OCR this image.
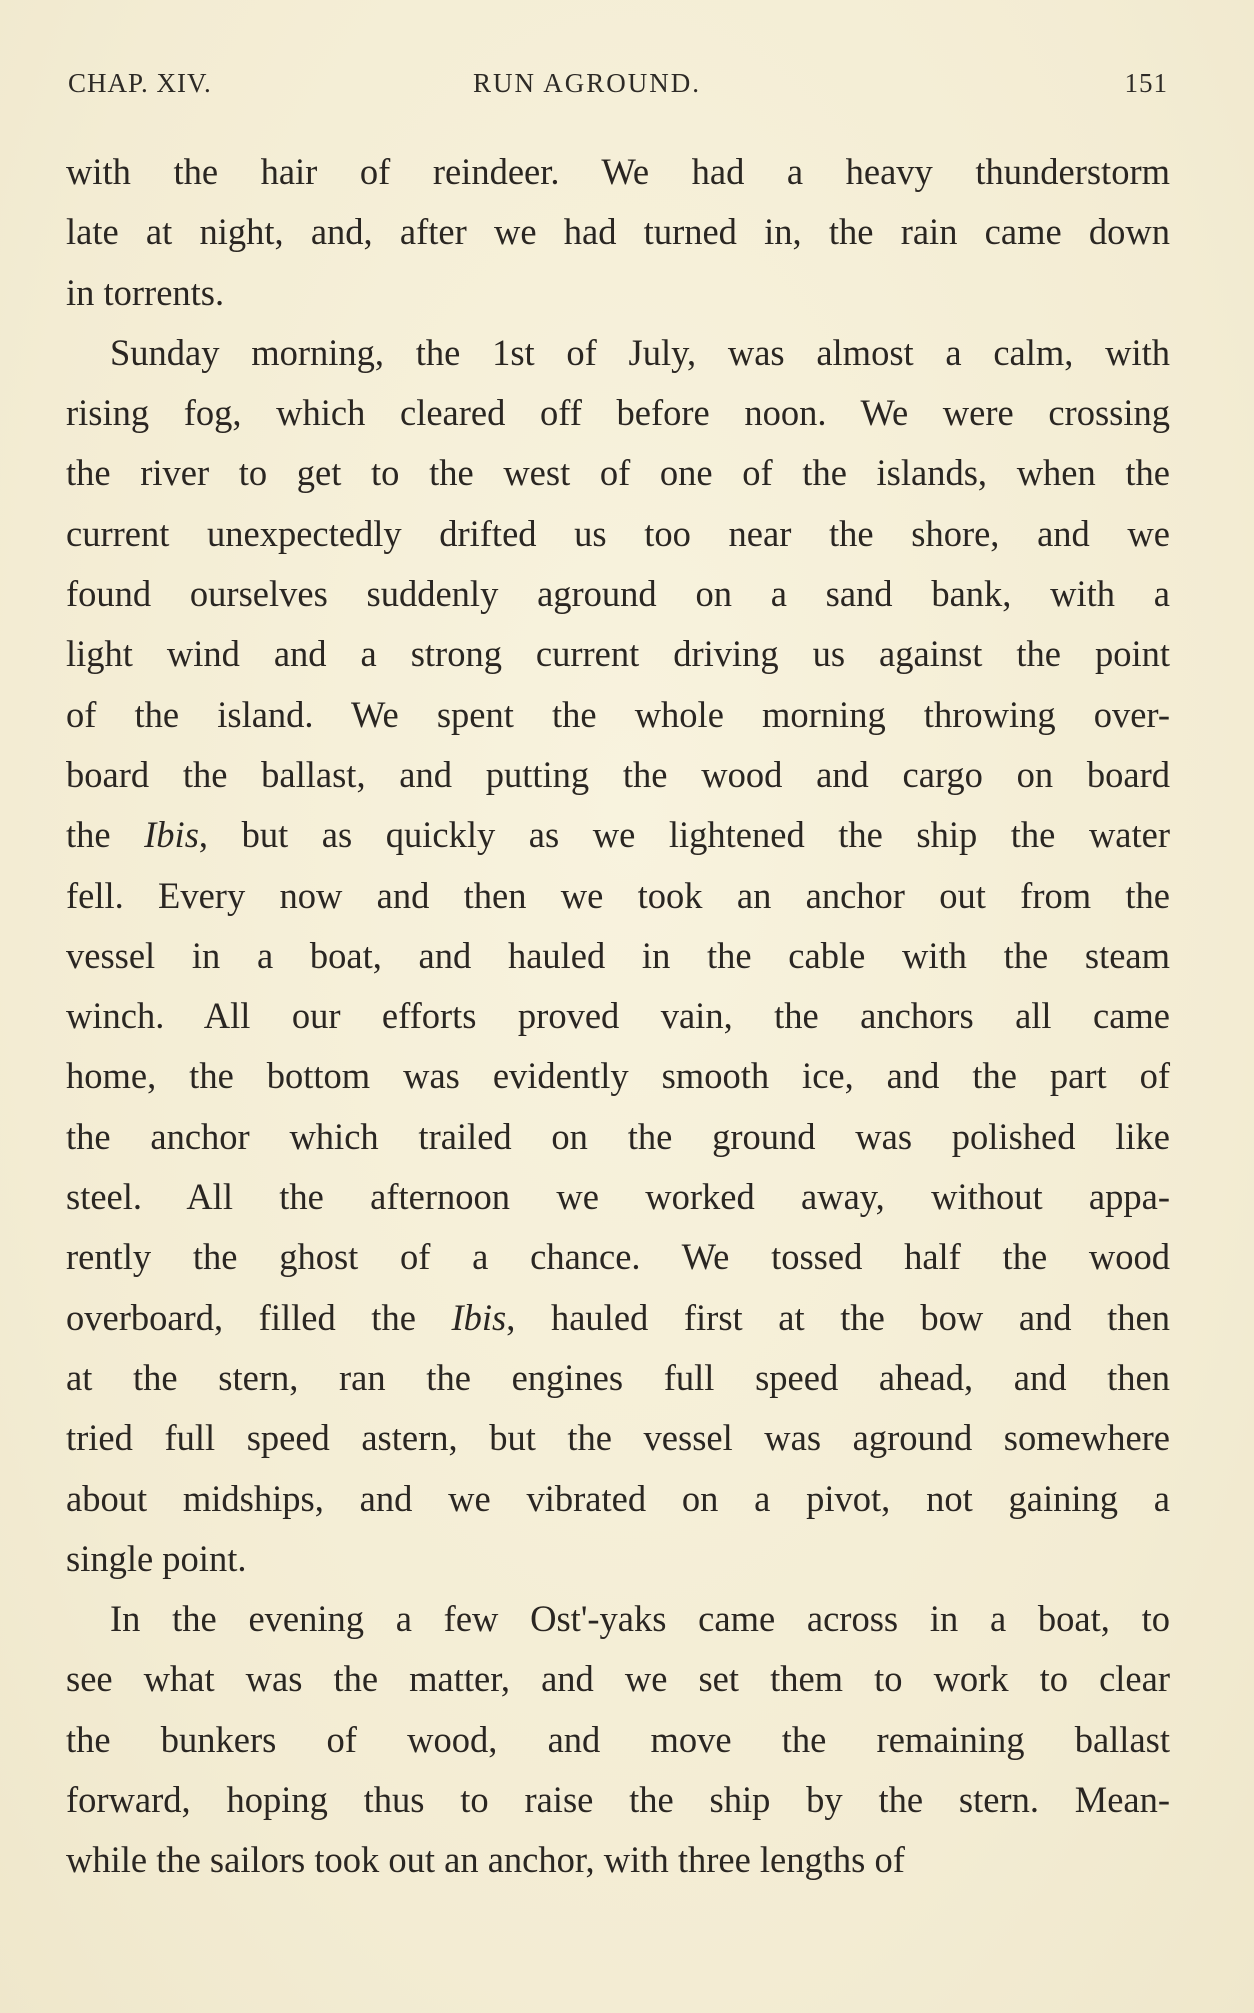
CHAP. XIV.	RUN AGROUND.	151
with the hair of reindeer. We had a heavy thunderstorm
late at night, and, after we had turned in, the rain came down
in torrents.
Sunday morning, the 1st of July, was almost a calm, with
rising fog, which cleared off before noon. We were crossing
the river to get to the west of one of the islands, when the
current unexpectedly drifted us too near the shore, and we
found ourselves suddenly aground on a sand bank, with a
light wind and a strong current driving us against the point
of the island. We spent the whole morning throwing over-
board the ballast, and putting the wood and cargo on board
the Ibis, but as quickly as we lightened the ship the water
fell. Every now and then we took an anchor out from the
vessel in a boat, and hauled in the cable with the steam
winch. All our efforts proved vain, the anchors all came
home, the bottom was evidently smooth ice, and the part of
the anchor which trailed on the ground was polished like
steel. All the afternoon we worked away, without appa-
rently the ghost of a chance. We tossed half the wood
overboard, filled the Ibis, hauled first at the bow and then
at the stern, ran the engines full speed ahead, and then
tried full speed astern, but the vessel was aground somewhere
about midships, and we vibrated on a pivot, not gaining a
single point.
In the evening a few Ost'-yaks came across in a boat, to
see what was the matter, and we set them to work to clear
the bunkers of wood, and move the remaining ballast
forward, hoping thus to raise the ship by the stern. Mean-
while the sailors took out an anchor, with three lengths of
